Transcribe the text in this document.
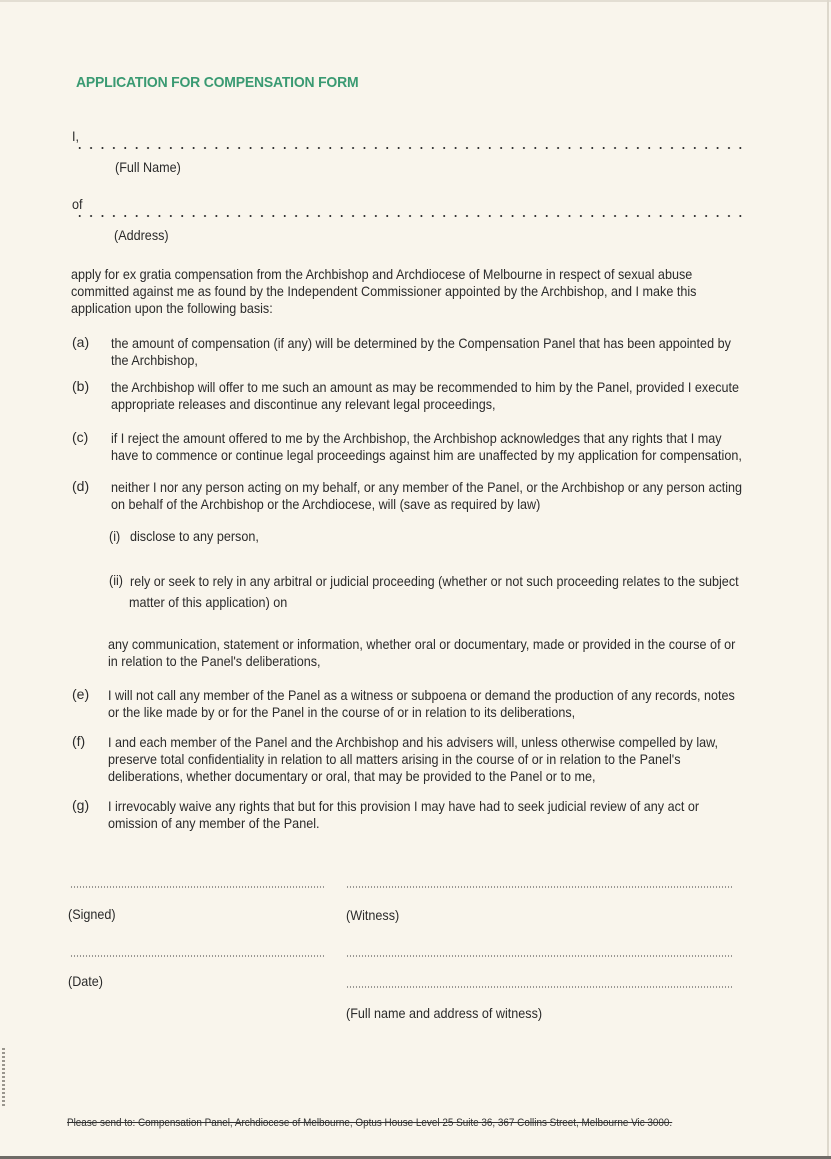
APPLICATION FOR COMPENSATION FORM
I,
(Full Name)
of
(Address)

apply for ex gratia compensation from the Archbishop and Archdiocese of Melbourne in respect of sexual abuse

committed against me as found by the Independent Commissioner appointed by the Archbishop, and I make this

application upon the following basis:

(a) the amount of compensation (if any) will be determined by the Compensation Panel that has been appointed by

the Archbishop,

(b) the Archbishop will offer to me such an amount as may be recommended to him by the Panel, provided I execute

appropriate releases and discontinue any relevant legal proceedings,

(c) if I reject the amount offered to me by the Archbishop, the Archbishop acknowledges that any rights that I may

have to commence or continue legal proceedings against him are unaffected by my application for compensation,

(d) neither I nor any person acting on my behalf, or any member of the Panel, or the Archbishop or any person acting

on behalf of the Archbishop or the Archdiocese, will (save as required by law)

(i) disclose to any person,

(ii) rely or seek to rely in any arbitral or judicial proceeding (whether or not such proceeding relates to the subject

matter of this application) on

any communication, statement or information, whether oral or documentary, made or provided in the course of or

in relation to the Panel's deliberations,

(e) I will not call any member of the Panel as a witness or subpoena or demand the production of any records, notes

or the like made by or for the Panel in the course of or in relation to its deliberations,

(f) I and each member of the Panel and the Archbishop and his advisers will, unless otherwise compelled by law,

preserve total confidentiality in relation to all matters arising in the course of or in relation to the Panel's

deliberations, whether documentary or oral, that may be provided to the Panel or to me,

(g) I irrevocably waive any rights that but for this provision I may have had to seek judicial review of any act or

omission of any member of the Panel.

(Signed)	(Witness)
(Date)
(Full name and address of witness)
Please send to: Compensation Panel, Archdiocese of Melbourne, Optus House Level 25 Suite 36, 367 Collins Street, Melbourne Vic 3000.
